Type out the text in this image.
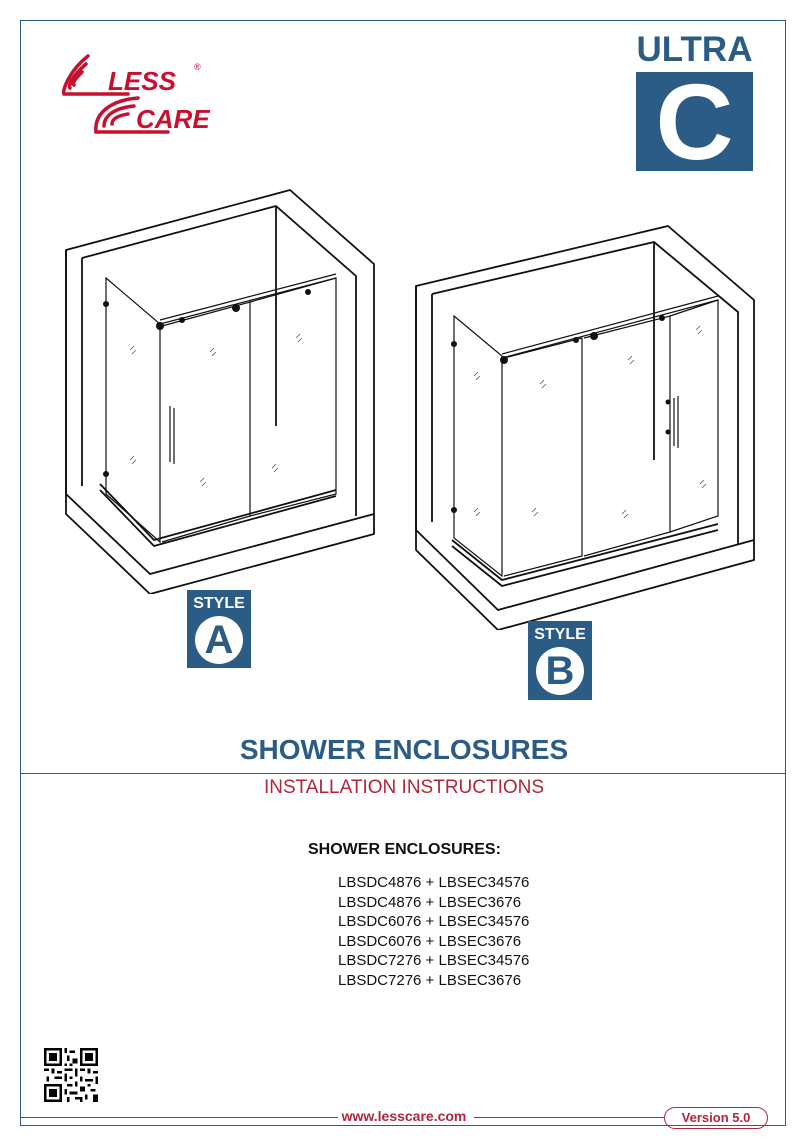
LESS
CARE
®	ULTRA
C
STYLE
A	STYLE
B
SHOWER ENCLOSURES
INSTALLATION INSTRUCTIONS
SHOWER ENCLOSURES:
LBSDC4876 + LBSEC34576
LBSDC4876 + LBSEC3676
LBSDC6076 + LBSEC34576
LBSDC6076 + LBSEC3676
LBSDC7276 + LBSEC34576
LBSDC7276 + LBSEC3676
www.lesscare.com	Version 5.0
